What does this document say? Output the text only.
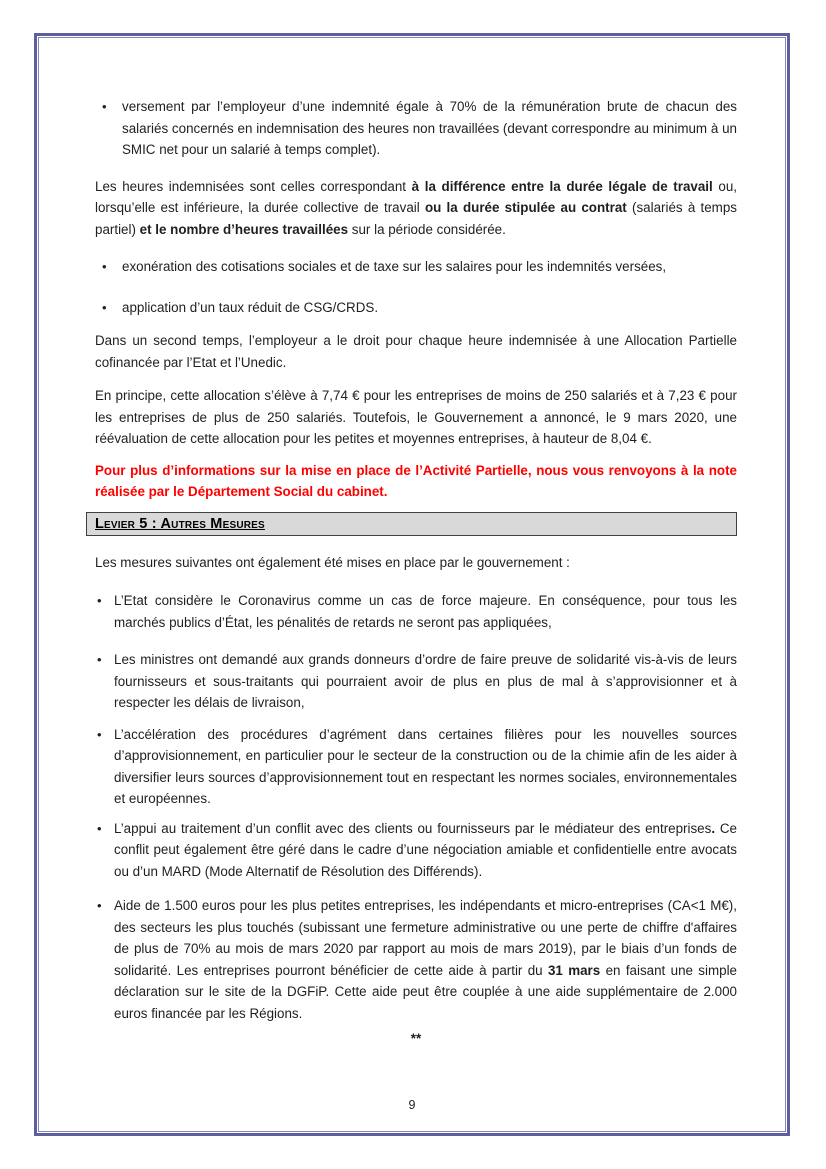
• versement par l’employeur d’une indemnité égale à 70% de la rémunération brute de chacun des salariés concernés en indemnisation des heures non travaillées (devant correspondre au minimum à un SMIC net pour un salarié à temps complet).

Les heures indemnisées sont celles correspondant à la différence entre la durée légale de travail ou, lorsqu’elle est inférieure, la durée collective de travail ou la durée stipulée au contrat (salariés à temps partiel) et le nombre d’heures travaillées sur la période considérée.

• exonération des cotisations sociales et de taxe sur les salaires pour les indemnités versées,
• application d’un taux réduit de CSG/CRDS.

Dans un second temps, l’employeur a le droit pour chaque heure indemnisée à une Allocation Partielle cofinancée par l’Etat et l’Unedic.

En principe, cette allocation s’élève à 7,74 € pour les entreprises de moins de 250 salariés et à 7,23 € pour les entreprises de plus de 250 salariés. Toutefois, le Gouvernement a annoncé, le 9 mars 2020, une réévaluation de cette allocation pour les petites et moyennes entreprises, à hauteur de 8,04 €.

Pour plus d’informations sur la mise en place de l’Activité Partielle, nous vous renvoyons à la note réalisée par le Département Social du cabinet.

Levier 5 : Autres Mesures

Les mesures suivantes ont également été mises en place par le gouvernement :

• L’Etat considère le Coronavirus comme un cas de force majeure. En conséquence, pour tous les marchés publics d’État, les pénalités de retards ne seront pas appliquées,
• Les ministres ont demandé aux grands donneurs d’ordre de faire preuve de solidarité vis-à-vis de leurs fournisseurs et sous-traitants qui pourraient avoir de plus en plus de mal à s’approvisionner et à respecter les délais de livraison,
• L’accélération des procédures d’agrément dans certaines filières pour les nouvelles sources d’approvisionnement, en particulier pour le secteur de la construction ou de la chimie afin de les aider à diversifier leurs sources d’approvisionnement tout en respectant les normes sociales, environnementales et européennes.
• L’appui au traitement d’un conflit avec des clients ou fournisseurs par le médiateur des entreprises. Ce conflit peut également être géré dans le cadre d’une négociation amiable et confidentielle entre avocats ou d’un MARD (Mode Alternatif de Résolution des Différends).
• Aide de 1.500 euros pour les plus petites entreprises, les indépendants et micro-entreprises (CA<1 M€), des secteurs les plus touchés (subissant une fermeture administrative ou une perte de chiffre d'affaires de plus de 70% au mois de mars 2020 par rapport au mois de mars 2019), par le biais d’un fonds de solidarité. Les entreprises pourront bénéficier de cette aide à partir du 31 mars en faisant une simple déclaration sur le site de la DGFiP. Cette aide peut être couplée à une aide supplémentaire de 2.000 euros financée par les Régions.

**

9
